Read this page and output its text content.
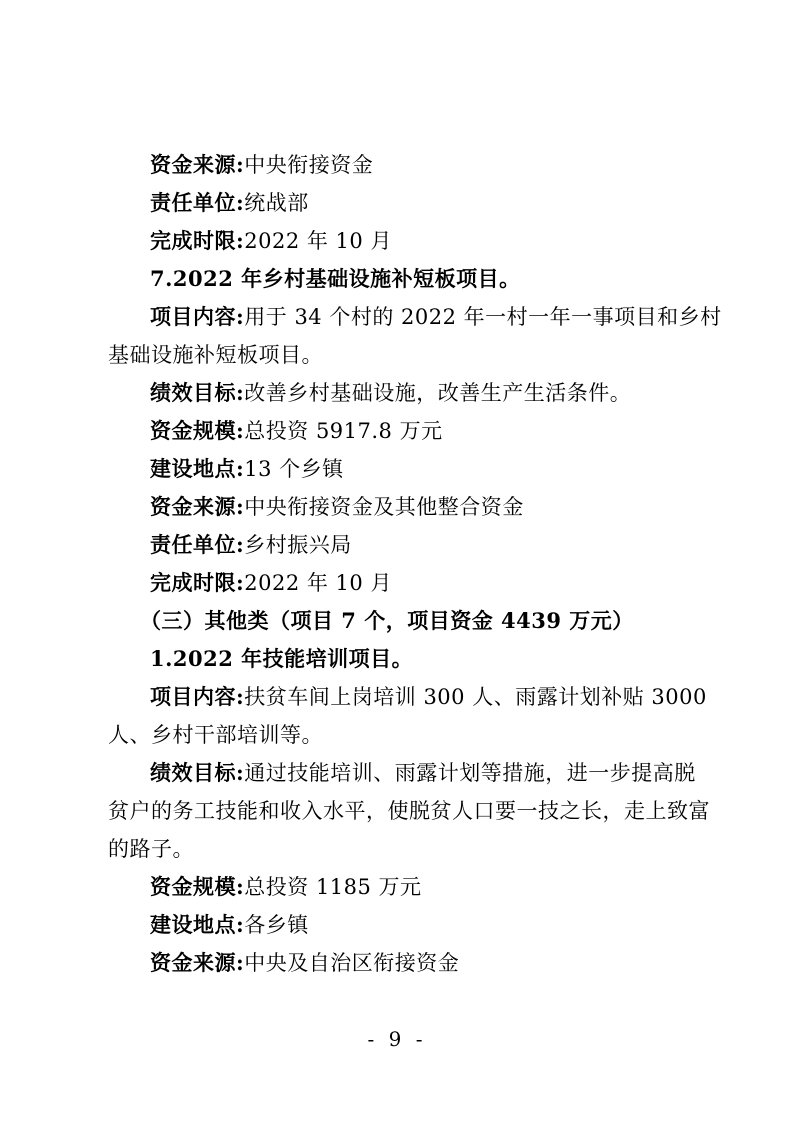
资金来源:中央衔接资金
责任单位:统战部
完成时限:2022 年 10 月
7.2022 年乡村基础设施补短板项目。
项目内容:用于 34 个村的 2022 年一村一年一事项目和乡村
基础设施补短板项目。
绩效目标:改善乡村基础设施，改善生产生活条件。
资金规模:总投资 5917.8 万元
建设地点:13 个乡镇
资金来源:中央衔接资金及其他整合资金
责任单位:乡村振兴局
完成时限:2022 年 10 月
（三）其他类（项目 7 个，项目资金 4439 万元）
1.2022 年技能培训项目。
项目内容:扶贫车间上岗培训 300 人、雨露计划补贴 3000
人、乡村干部培训等。
绩效目标:通过技能培训、雨露计划等措施，进一步提高脱
贫户的务工技能和收入水平，使脱贫人口要一技之长，走上致富
的路子。
资金规模:总投资 1185 万元
建设地点:各乡镇
资金来源:中央及自治区衔接资金
- 9 -
